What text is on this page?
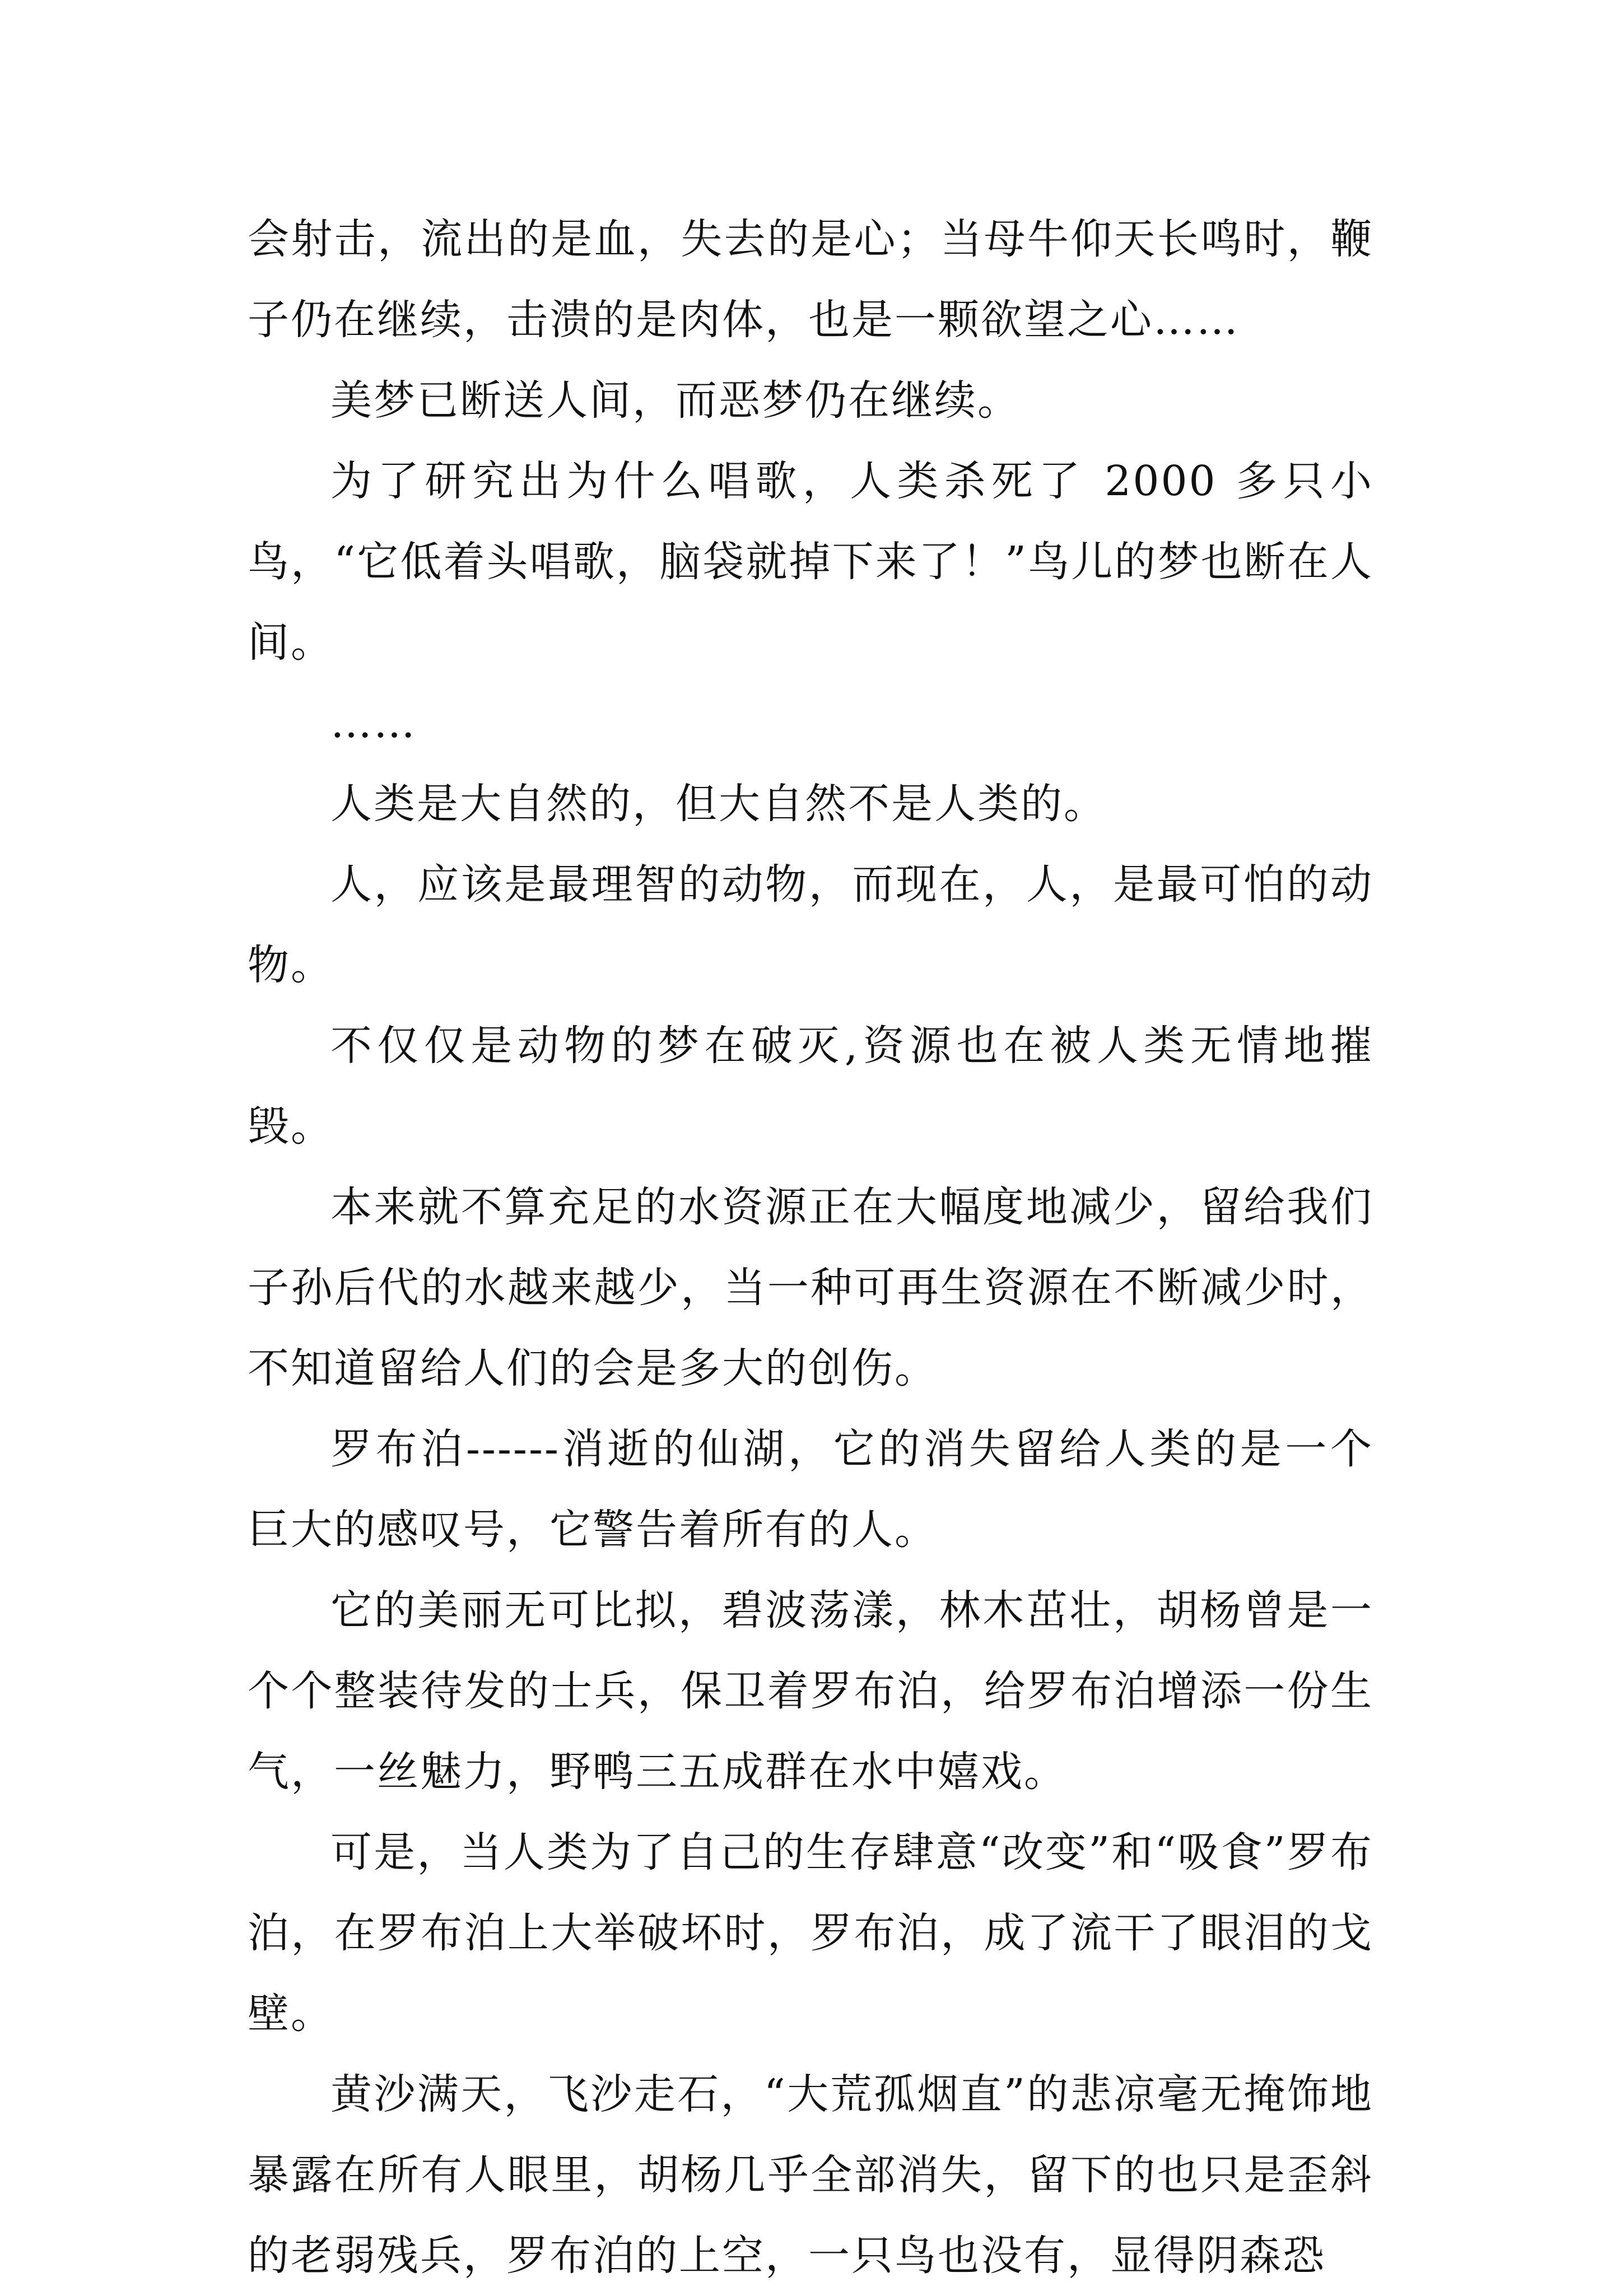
会射击，流出的是血，失去的是心；当母牛仰天长鸣时，鞭子仍在继续，击溃的是肉体，也是一颗欲望之心……

美梦已断送人间，而恶梦仍在继续。

为了研究出为什么唱歌，人类杀死了 2000 多只小鸟，“它低着头唱歌，脑袋就掉下来了！”鸟儿的梦也断在人间。

……

人类是大自然的，但大自然不是人类的。

人，应该是最理智的动物，而现在，人，是最可怕的动物。

不仅仅是动物的梦在破灭,资源也在被人类无情地摧毁。

本来就不算充足的水资源正在大幅度地减少，留给我们子孙后代的水越来越少，当一种可再生资源在不断减少时，不知道留给人们的会是多大的创伤。

罗布泊------消逝的仙湖，它的消失留给人类的是一个巨大的感叹号，它警告着所有的人。

它的美丽无可比拟，碧波荡漾，林木茁壮，胡杨曾是一个个整装待发的士兵，保卫着罗布泊，给罗布泊增添一份生气，一丝魅力，野鸭三五成群在水中嬉戏。

可是，当人类为了自己的生存肆意“改变”和“吸食”罗布泊，在罗布泊上大举破坏时，罗布泊，成了流干了眼泪的戈壁。

黄沙满天，飞沙走石，“大荒孤烟直”的悲凉毫无掩饰地暴露在所有人眼里，胡杨几乎全部消失，留下的也只是歪斜的老弱残兵，罗布泊的上空，一只鸟也没有，显得阴森恐
